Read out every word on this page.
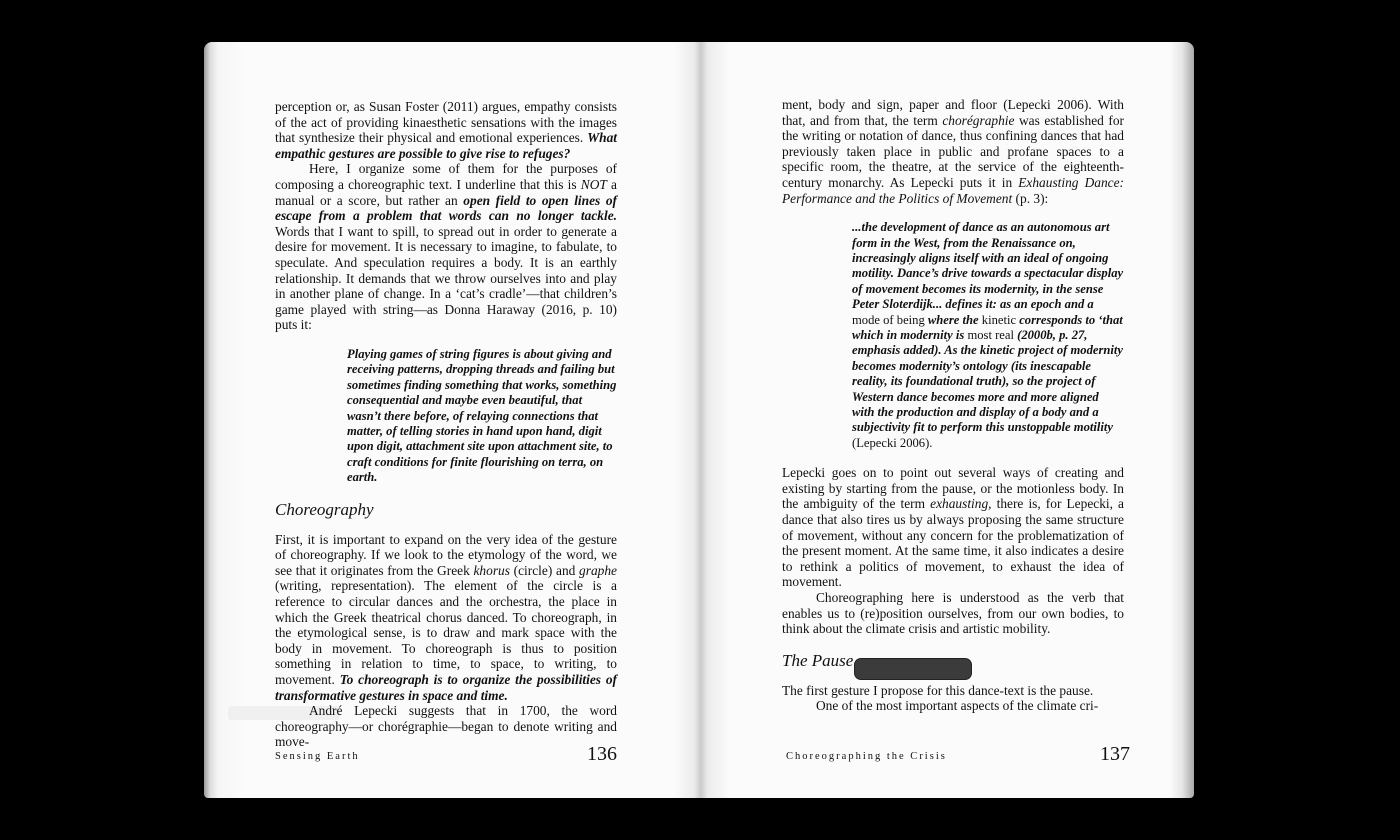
perception or, as Susan Foster (2011) argues, empathy consists of the act of providing kinaesthetic sensations with the images that synthesize their physical and emotional experiences. What empathic gestures are possible to give rise to refuges?

Here, I organize some of them for the purposes of composing a choreographic text. I underline that this is NOT a manual or a score, but rather an open field to open lines of escape from a problem that words can no longer tackle. Words that I want to spill, to spread out in order to generate a desire for movement. It is necessary to imagine, to fabulate, to speculate. And speculation requires a body. It is an earthly relationship. It demands that we throw ourselves into and play in another plane of change. In a ‘cat’s cradle’—that children’s game played with string—as Donna Haraway (2016, p. 10) puts it:

Playing games of string figures is about giving and receiving patterns, dropping threads and failing but sometimes finding something that works, something consequential and maybe even beautiful, that wasn’t there before, of relaying connections that matter, of telling stories in hand upon hand, digit upon digit, attachment site upon attachment site, to craft conditions for finite flourishing on terra, on earth.
Choreography

First, it is important to expand on the very idea of the gesture of choreography. If we look to the etymology of the word, we see that it originates from the Greek khorus (circle) and graphe (writing, representation). The element of the circle is a reference to circular dances and the orchestra, the place in which the Greek theatrical chorus danced. To choreograph, in the etymological sense, is to draw and mark space with the body in movement. To choreograph is thus to position something in relation to time, to space, to writing, to movement. To choreograph is to organize the possibilities of transformative gestures in space and time.

André Lepecki suggests that in 1700, the word choreography—or chorégraphie—began to denote writing and move-

Sensing Earth	136

ment, body and sign, paper and floor (Lepecki 2006). With that, and from that, the term chorégraphie was established for the writing or notation of dance, thus confining dances that had previously taken place in public and profane spaces to a specific room, the theatre, at the service of the eighteenth-century monarchy. As Lepecki puts it in Exhausting Dance: Performance and the Politics of Movement (p. 3):

...the development of dance as an autonomous art form in the West, from the Renaissance on, increasingly aligns itself with an ideal of ongoing motility. Dance’s drive towards a spectacular display of movement becomes its modernity, in the sense Peter Sloterdijk... defines it: as an epoch and a mode of being where the kinetic corresponds to ‘that which in modernity is most real (2000b, p. 27, emphasis added). As the kinetic project of modernity becomes modernity’s ontology (its inescapable reality, its foundational truth), so the project of Western dance becomes more and more aligned with the production and display of a body and a subjectivity fit to perform this unstoppable motility (Lepecki 2006).

Lepecki goes on to point out several ways of creating and existing by starting from the pause, or the motionless body. In the ambiguity of the term exhausting, there is, for Lepecki, a dance that also tires us by always proposing the same structure of movement, without any concern for the problematization of the present moment. At the same time, it also indicates a desire to rethink a politics of movement, to exhaust the idea of movement.

Choreographing here is understood as the verb that enables us to (re)position ourselves, from our own bodies, to think about the climate crisis and artistic mobility.

The Pause

The first gesture I propose for this dance-text is the pause.

One of the most important aspects of the climate cri-

Choreographing the Crisis	137
